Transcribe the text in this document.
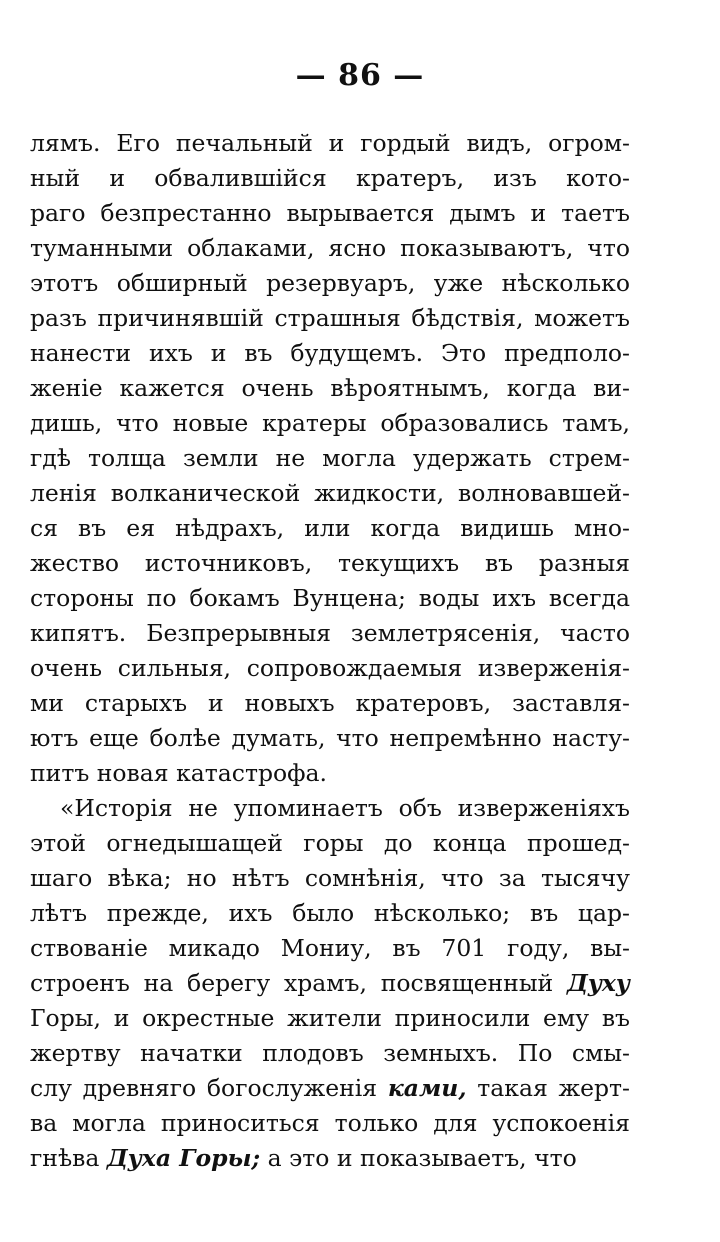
— 86 —
лямъ. Его печальный и гордый видъ, огром-
ный и обвалившійся кратеръ, изъ кото-
раго безпрестанно вырывается дымъ и таетъ
туманными облаками, ясно показываютъ, что
этотъ обширный резервуаръ, уже нѣсколько
разъ причинявшій страшныя бѣдствія, можетъ
нанести ихъ и въ будущемъ. Это предполо-
женіе кажется очень вѣроятнымъ, когда ви-
дишь, что новые кратеры образовались тамъ,
гдѣ толща земли не могла удержать стрем-
ленія волканической жидкости, волновавшей-
ся въ ея нѣдрахъ, или когда видишь мно-
жество источниковъ, текущихъ въ разныя
стороны по бокамъ Вунцена; воды ихъ всегда
кипятъ. Безпрерывныя землетрясенія, часто
очень сильныя, сопровождаемыя изверженія-
ми старыхъ и новыхъ кратеровъ, заставля-
ютъ еще болѣе думать, что непремѣнно насту-
питъ новая катастрофа.
«Исторія не упоминаетъ объ изверженіяхъ
этой огнедышащей горы до конца прошед-
шаго вѣка; но нѣтъ сомнѣнія, что за тысячу
лѣтъ прежде, ихъ было нѣсколько; въ цар-
ствованіе микадо Мониу, въ 701 году, вы-
строенъ на берегу храмъ, посвященный Духу
Горы, и окрестные жители приносили ему въ
жертву начатки плодовъ земныхъ. По смы-
слу древняго богослуженія ками, такая жерт-
ва могла приноситься только для успокоенія
гнѣва Духа Горы; а это и показываетъ, что
